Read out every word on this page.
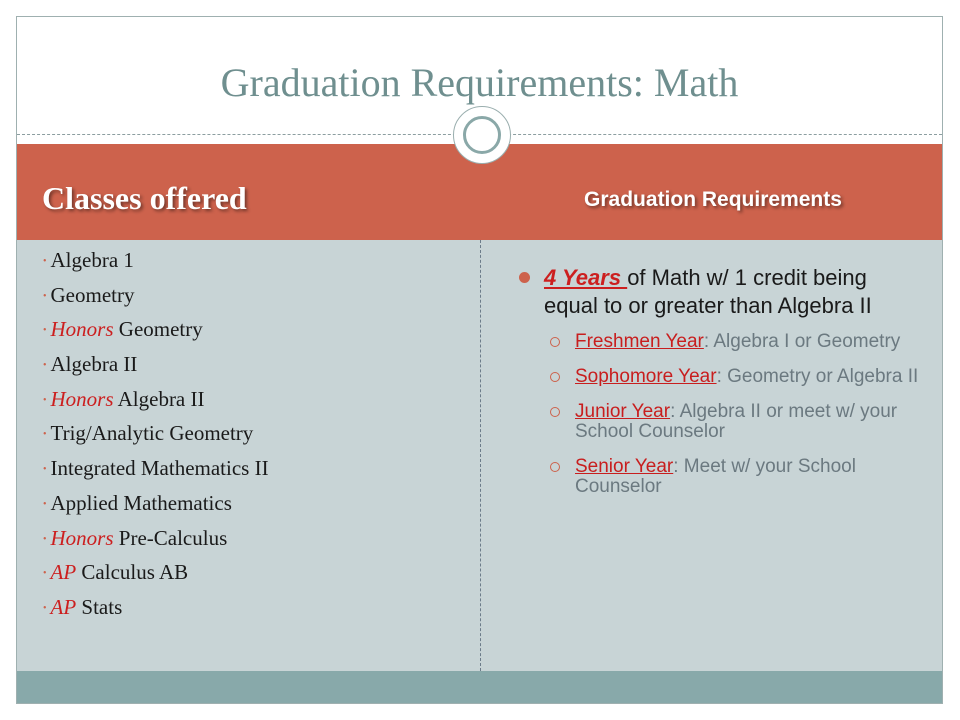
Graduation Requirements: Math
Classes offered	Graduation Requirements
• Algebra 1
• Geometry
• Honors Geometry
• Algebra II
• Honors Algebra II
• Trig/Analytic Geometry
• Integrated Mathematics II
• Applied Mathematics
• Honors Pre-Calculus
• AP Calculus AB
• AP Stats
4 Years of Math w/ 1 credit being equal to or greater than Algebra II
Freshmen Year: Algebra I or Geometry
Sophomore Year: Geometry or Algebra II
Junior Year: Algebra II or meet w/ your School Counselor
Senior Year: Meet w/ your School Counselor
